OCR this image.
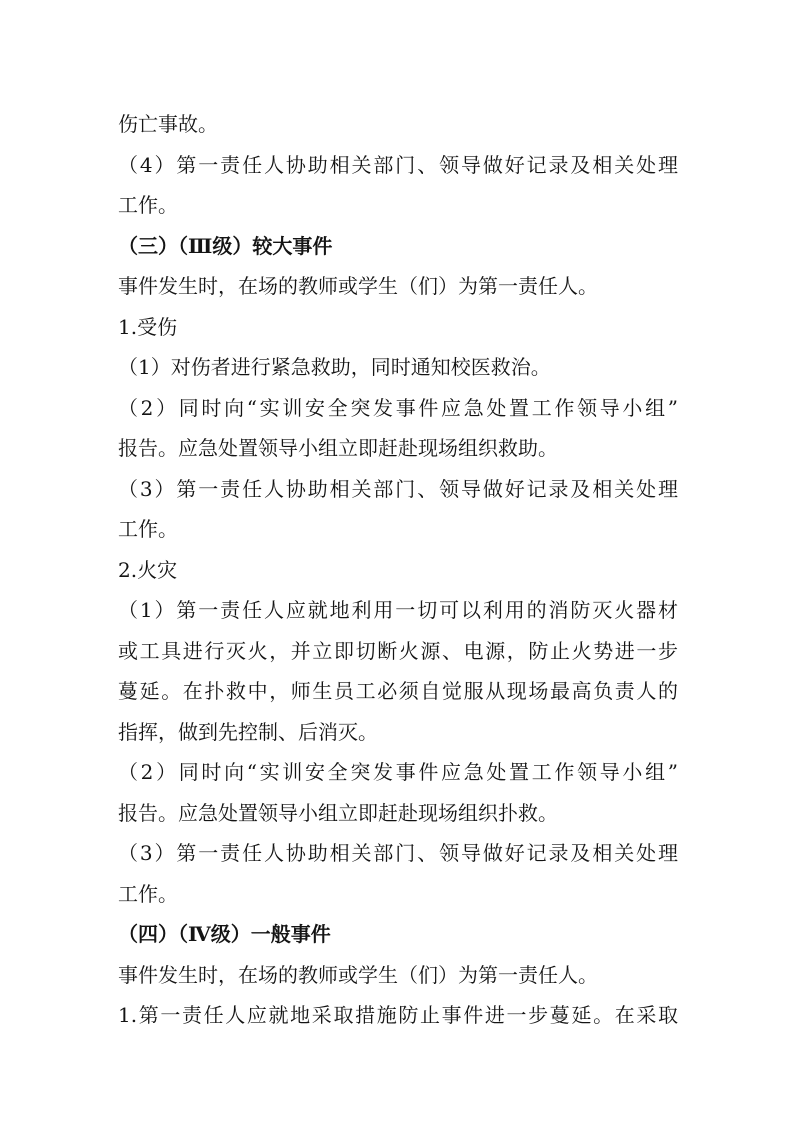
伤亡事故。
（4）第一责任人协助相关部门、领导做好记录及相关处理
工作。
（三）（Ⅲ级）较大事件
事件发生时，在场的教师或学生（们）为第一责任人。
1.受伤
（1）对伤者进行紧急救助，同时通知校医救治。
（2）同时向“实训安全突发事件应急处置工作领导小组”
报告。应急处置领导小组立即赶赴现场组织救助。
（3）第一责任人协助相关部门、领导做好记录及相关处理
工作。
2.火灾
（1）第一责任人应就地利用一切可以利用的消防灭火器材
或工具进行灭火，并立即切断火源、电源，防止火势进一步
蔓延。在扑救中，师生员工必须自觉服从现场最高负责人的
指挥，做到先控制、后消灭。
（2）同时向“实训安全突发事件应急处置工作领导小组”
报告。应急处置领导小组立即赶赴现场组织扑救。
（3）第一责任人协助相关部门、领导做好记录及相关处理
工作。
（四）（Ⅳ级）一般事件
事件发生时，在场的教师或学生（们）为第一责任人。
1.第一责任人应就地采取措施防止事件进一步蔓延。在采取
